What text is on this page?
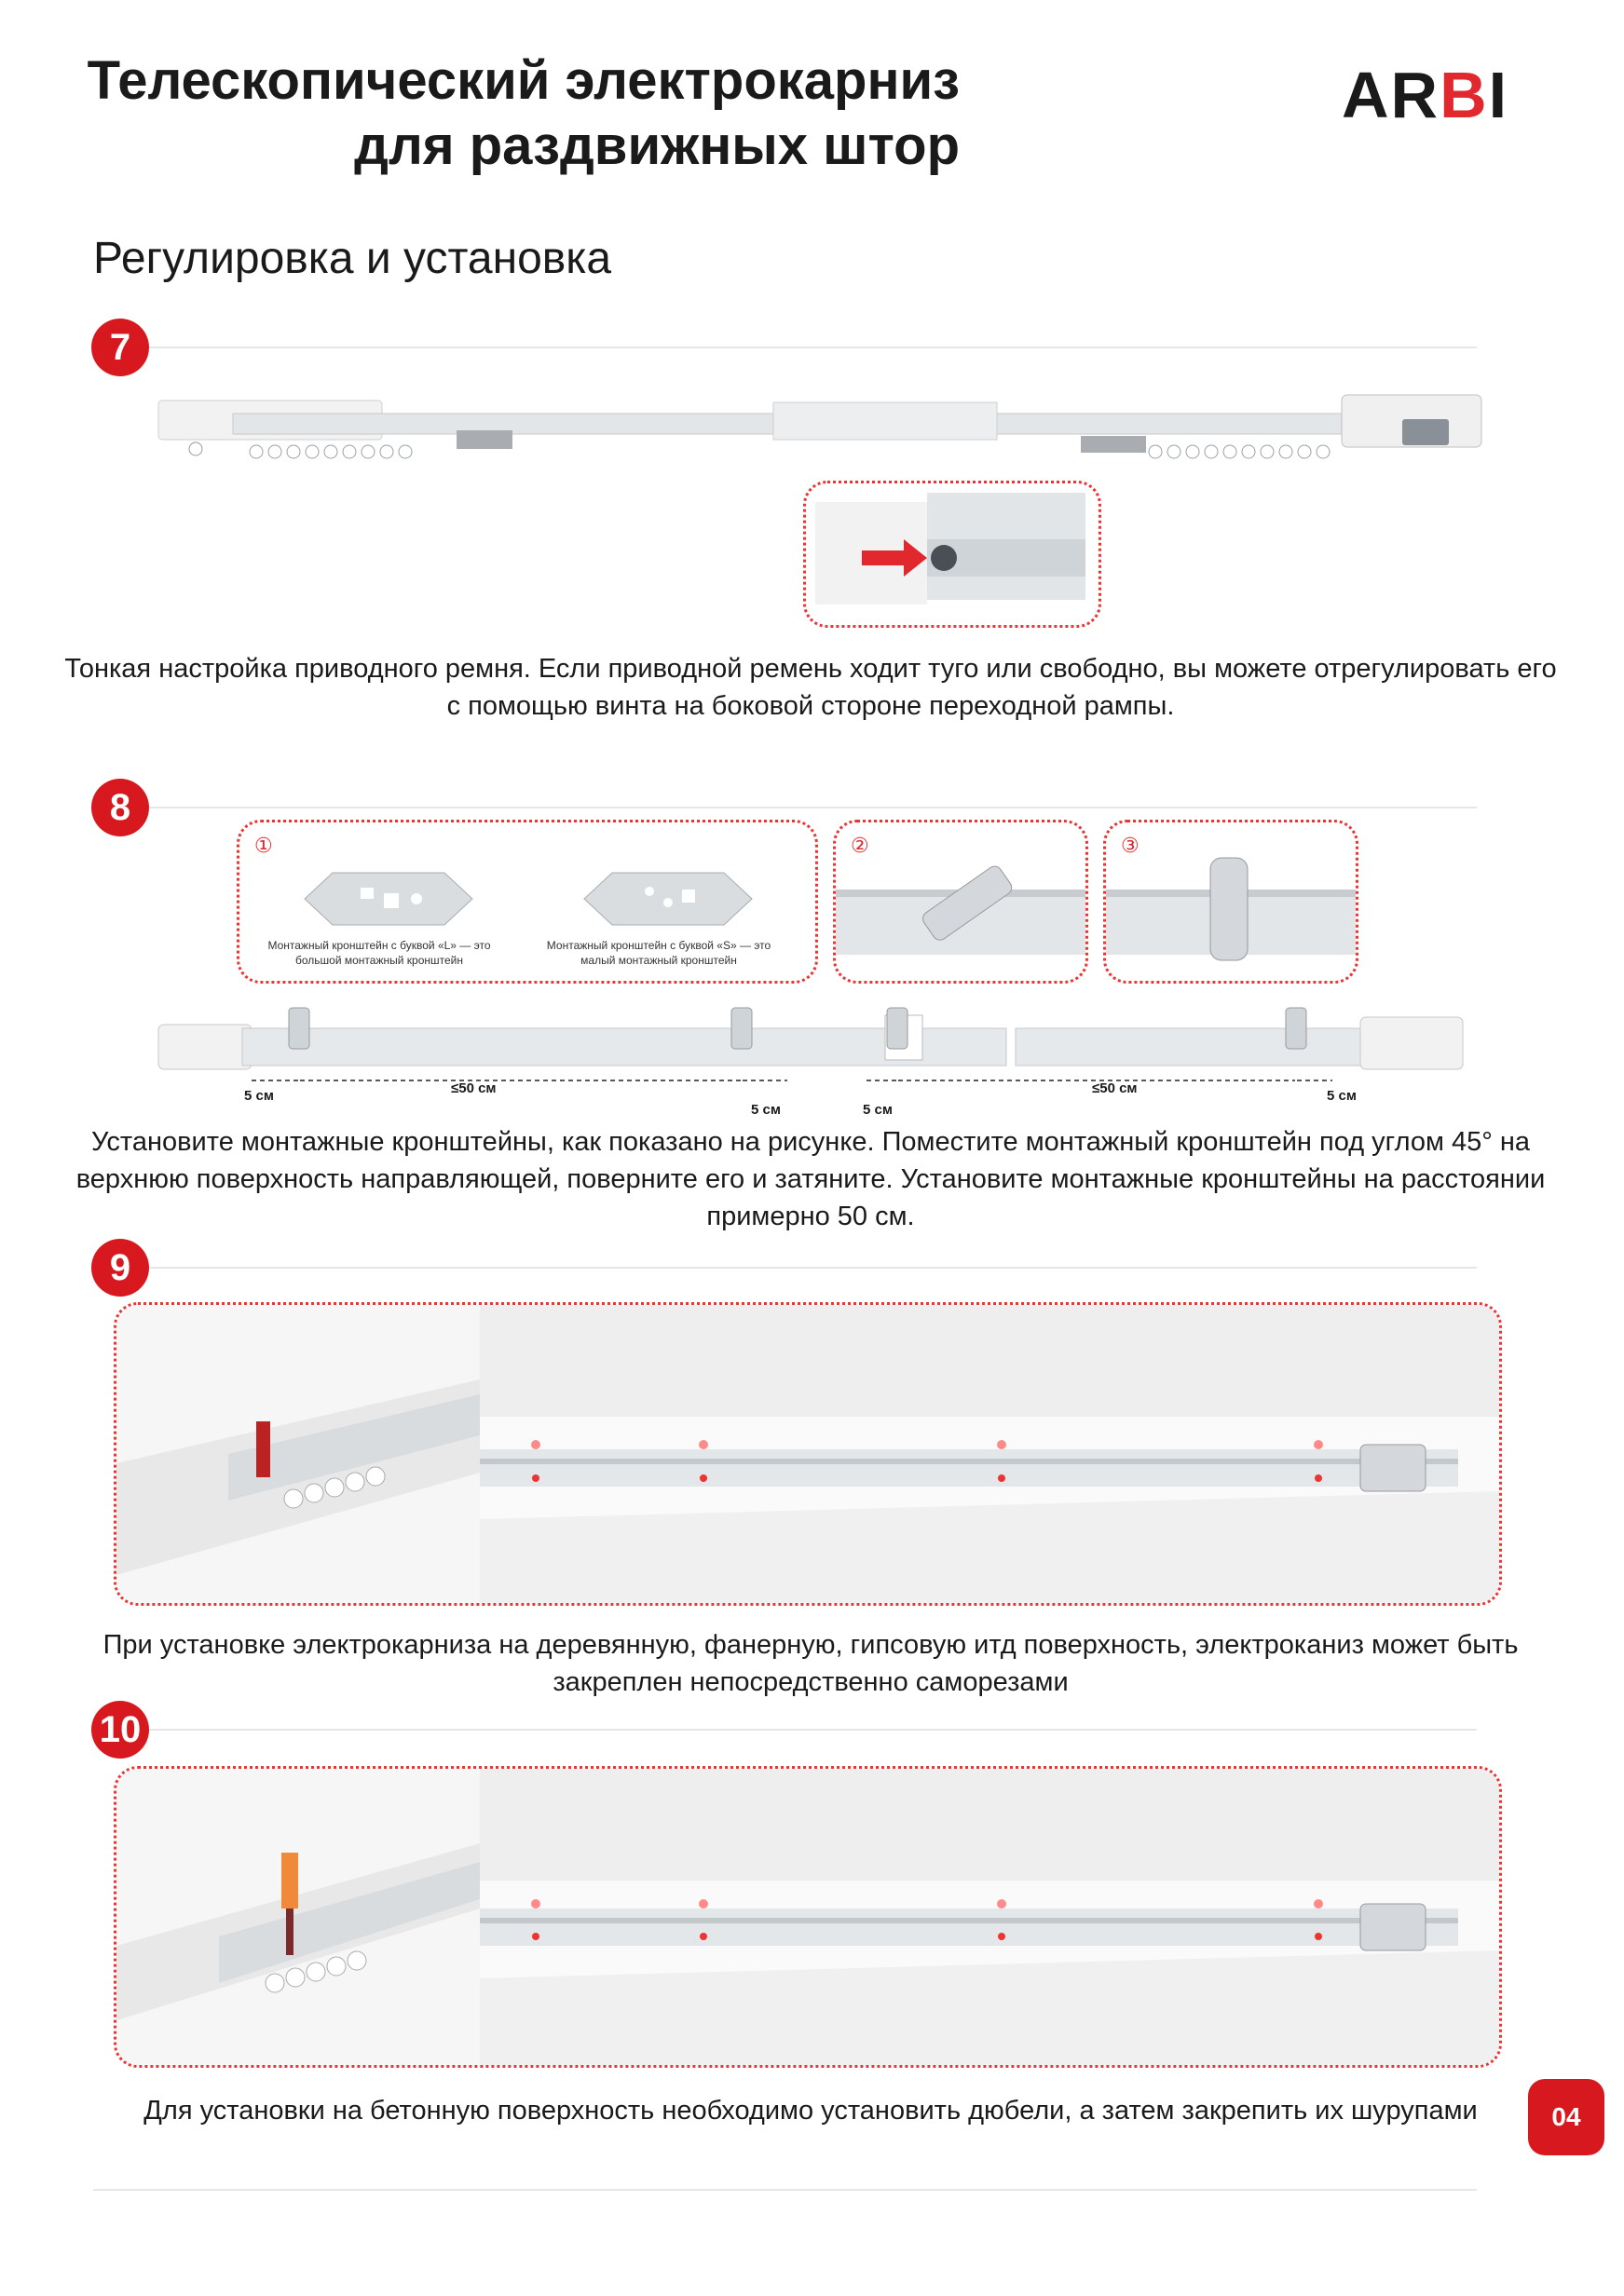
Телескопический электрокарниз
для раздвижных штор
ARBI
Регулировка и установка
7
Тонкая настройка приводного ремня. Если приводной ремень ходит туго или свободно, вы можете отрегулировать его
с помощью винта на боковой стороне переходной рампы.
8
①
Монтажный кронштейн с буквой «L» — это
большой монтажный кронштейн
Монтажный кронштейн с буквой «S» — это
малый монтажный кронштейн
②	③
5 см	≤50 см
5 см	5 см
≤50 см	5 см
Установите монтажные кронштейны, как показано на рисунке. Поместите монтажный кронштейн под углом 45° на
верхнюю поверхность направляющей, поверните его и затяните. Установите монтажные кронштейны на расстоянии
примерно 50 см.
9
При установке электрокарниза на деревянную, фанерную, гипсовую итд поверхность, электроканиз может быть
закреплен непосредственно саморезами
10
Для установки на бетонную поверхность необходимо установить дюбели, а затем закрепить их шурупами	04
